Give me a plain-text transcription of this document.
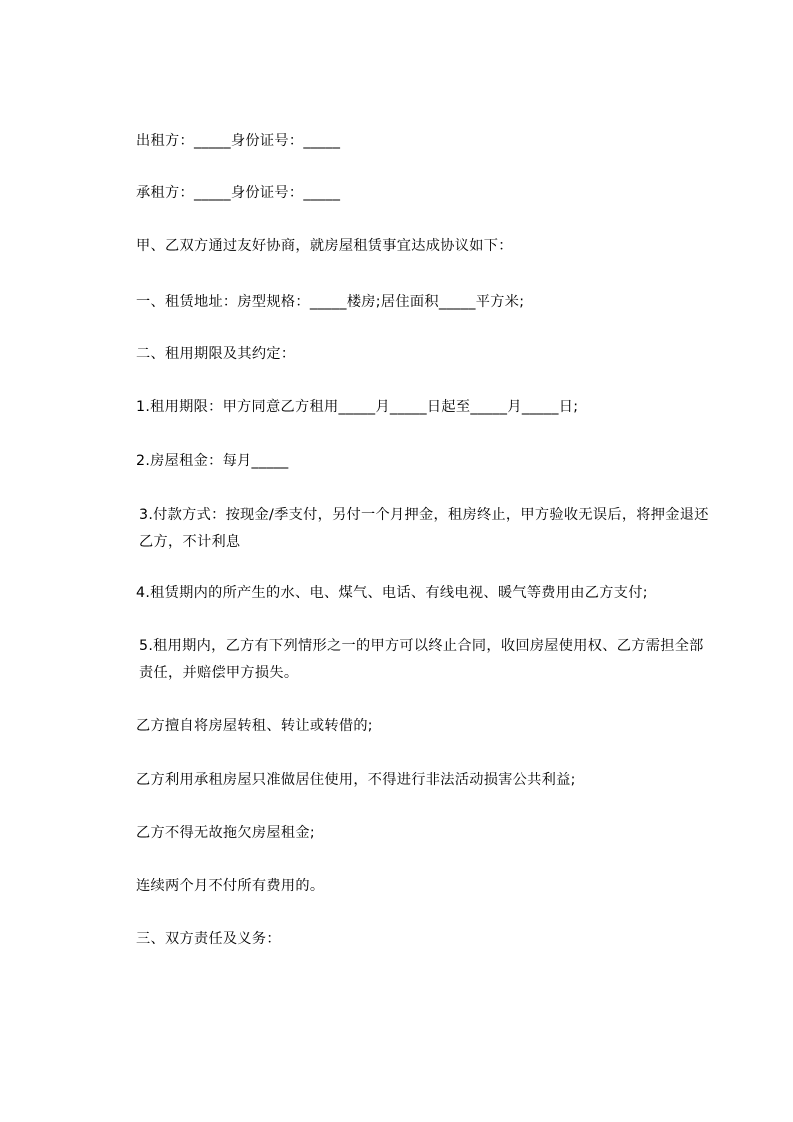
出租方：_____身份证号：_____

承租方：_____身份证号：_____

甲、乙双方通过友好协商，就房屋租赁事宜达成协议如下：

一、租赁地址：房型规格：_____楼房;居住面积_____平方米;

二、租用期限及其约定：

1.租用期限：甲方同意乙方租用_____月_____日起至_____月_____日;

2.房屋租金：每月_____

3.付款方式：按现金/季支付，另付一个月押金，租房终止，甲方验收无误后，将押金退还乙方，不计利息

4.租赁期内的所产生的水、电、煤气、电话、有线电视、暖气等费用由乙方支付;

5.租用期内，乙方有下列情形之一的甲方可以终止合同，收回房屋使用权、乙方需担全部责任，并赔偿甲方损失。

乙方擅自将房屋转租、转让或转借的;

乙方利用承租房屋只准做居住使用，不得进行非法活动损害公共利益;

乙方不得无故拖欠房屋租金;

连续两个月不付所有费用的。

三、双方责任及义务：
